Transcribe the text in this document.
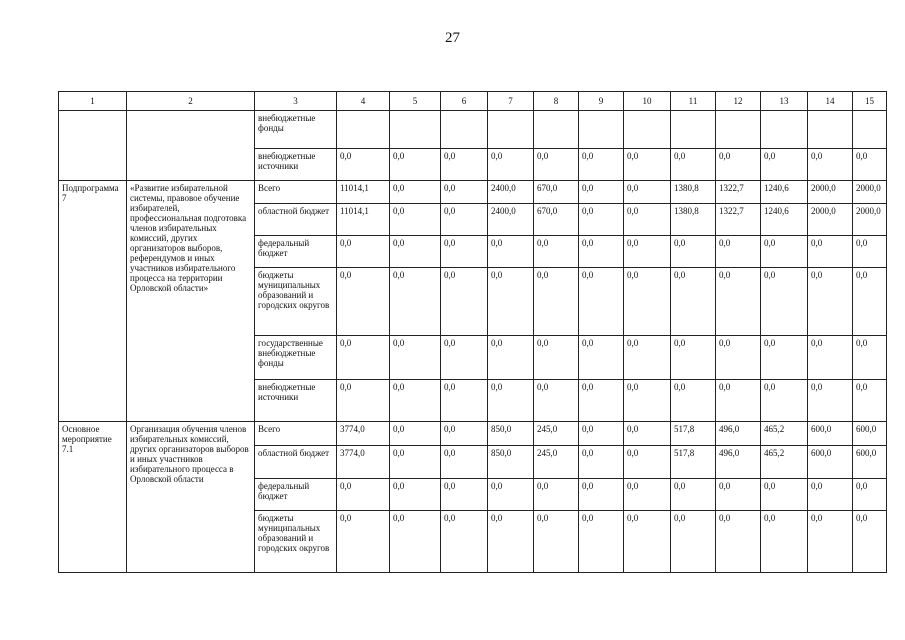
27
1	2	3	4	5	6	7	8	9	10	11	12	13	14	15
		внебюджетные фонды												
		внебюджетные источники	0,0	0,0	0,0	0,0	0,0	0,0	0,0	0,0	0,0	0,0	0,0	0,0
Подпрограмма 7	«Развитие избирательной системы, правовое обучение избирателей, профессиональная подготовка членов избирательных комиссий, других организаторов выборов, референдумов и иных участников избирательного процесса на территории Орловской области»	Всего	11014,1	0,0	0,0	2400,0	670,0	0,0	0,0	1380,8	1322,7	1240,6	2000,0	2000,0
		областной бюджет	11014,1	0,0	0,0	2400,0	670,0	0,0	0,0	1380,8	1322,7	1240,6	2000,0	2000,0
		федеральный бюджет	0,0	0,0	0,0	0,0	0,0	0,0	0,0	0,0	0,0	0,0	0,0	0,0
		бюджеты муниципальных образований и городских округов	0,0	0,0	0,0	0,0	0,0	0,0	0,0	0,0	0,0	0,0	0,0	0,0
		государственные внебюджетные фонды	0,0	0,0	0,0	0,0	0,0	0,0	0,0	0,0	0,0	0,0	0,0	0,0
		внебюджетные источники	0,0	0,0	0,0	0,0	0,0	0,0	0,0	0,0	0,0	0,0	0,0	0,0
Основное мероприятие 7.1	Организация обучения членов избирательных комиссий, других организаторов выборов и иных участников избирательного процесса в Орловской области	Всего	3774,0	0,0	0,0	850,0	245,0	0,0	0,0	517,8	496,0	465,2	600,0	600,0
		областной бюджет	3774,0	0,0	0,0	850,0	245,0	0,0	0,0	517,8	496,0	465,2	600,0	600,0
		федеральный бюджет	0,0	0,0	0,0	0,0	0,0	0,0	0,0	0,0	0,0	0,0	0,0	0,0
		бюджеты муниципальных образований и городских округов	0,0	0,0	0,0	0,0	0,0	0,0	0,0	0,0	0,0	0,0	0,0	0,0
